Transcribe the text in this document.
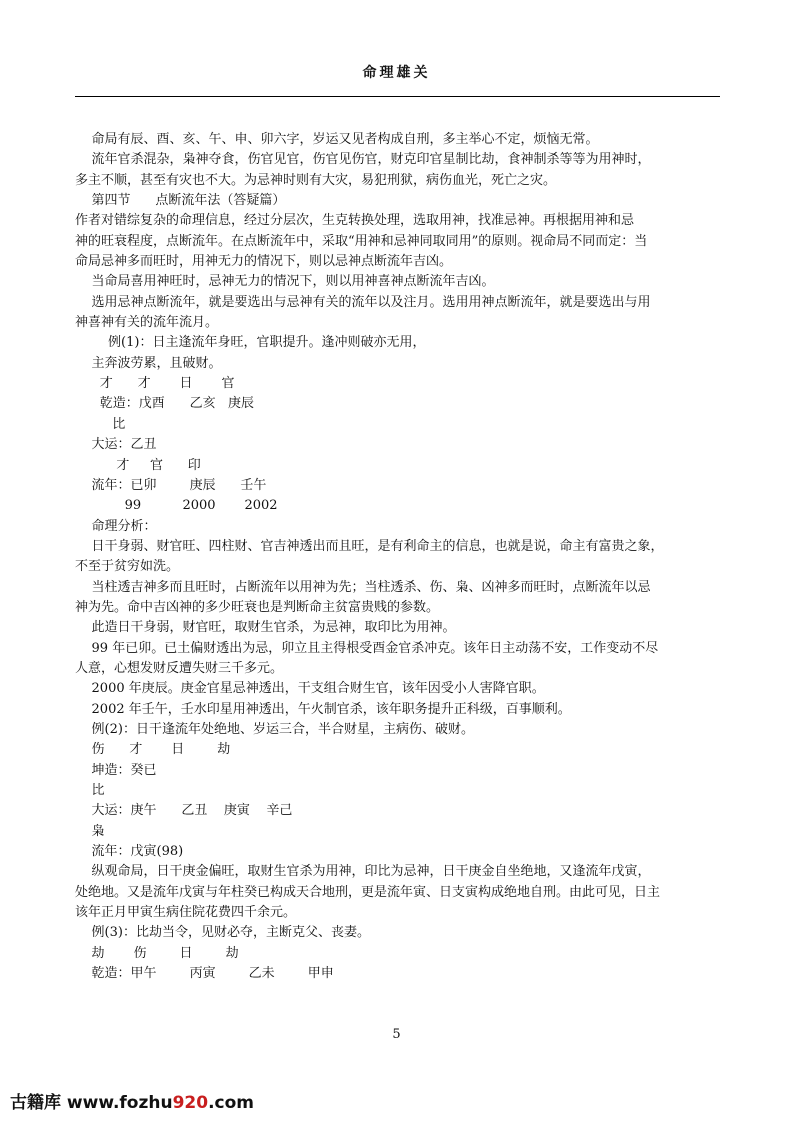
命理雄关
命局有辰、酉、亥、午、申、卯六字，岁运又见者构成自刑，多主举心不定，烦恼无常。
流年官杀混杂，枭神夺食，伤官见官，伤官见伤官，财克印官星制比劫，食神制杀等等为用神时，
多主不顺，甚至有灾也不大。为忌神时则有大灾，易犯刑狱，病伤血光，死亡之灾。
第四节      点断流年法（答疑篇）
作者对错综复杂的命理信息，经过分层次，生克转换处理，选取用神，找准忌神。再根据用神和忌
神的旺衰程度，点断流年。在点断流年中，采取“用神和忌神同取同用”的原则。视命局不同而定：当
命局忌神多而旺时，用神无力的情况下，则以忌神点断流年吉凶。
当命局喜用神旺时，忌神无力的情况下，则以用神喜神点断流年吉凶。
选用忌神点断流年，就是要选出与忌神有关的流年以及注月。选用用神点断流年，就是要选出与用
神喜神有关的流年流月。
例(1)：日主逢流年身旺，官职提升。逢冲则破亦无用，
主奔波劳累，且破财。
才      才       日       官
乾造：戊酉      乙亥   庚辰
比
大运：乙丑
才     官      印
流年：已卯        庚辰      壬午
99          2000       2002
命理分析：
日干身弱、财官旺、四柱财、官吉神透出而且旺，是有利命主的信息，也就是说，命主有富贵之象，
不至于贫穷如洗。
当柱透吉神多而且旺时，占断流年以用神为先；当柱透杀、伤、枭、凶神多而旺时，点断流年以忌
神为先。命中吉凶神的多少旺衰也是判断命主贫富贵贱的参数。
此造日干身弱，财官旺，取财生官杀，为忌神，取印比为用神。
99 年已卯。已土偏财透出为忌，卯立且主得根受酉金官杀冲克。该年日主动荡不安，工作变动不尽
人意，心想发财反遭失财三千多元。
2000 年庚辰。庚金官星忌神透出，干支组合财生官，该年因受小人害降官职。
2002 年壬午，壬水印星用神透出，午火制官杀，该年职务提升正科级，百事顺利。
例(2)：日干逢流年处绝地、岁运三合，半合财星，主病伤、破财。
伤      才       日        劫
坤造：癸已
比
大运：庚午      乙丑    庚寅    辛己
枭
流年：戊寅(98)
纵观命局，日干庚金偏旺，取财生官杀为用神，印比为忌神，日干庚金自坐绝地，又逢流年戊寅，
处绝地。又是流年戊寅与年柱癸已构成天合地刑，更是流年寅、日支寅构成绝地自刑。由此可见，日主
该年正月甲寅生病住院花费四千余元。
例(3)：比劫当令，见财必夺，主断克父、丧妻。
劫       伤        日        劫
乾造：甲午        丙寅        乙未        甲申
5
古籍库 www.fozhu920.com
